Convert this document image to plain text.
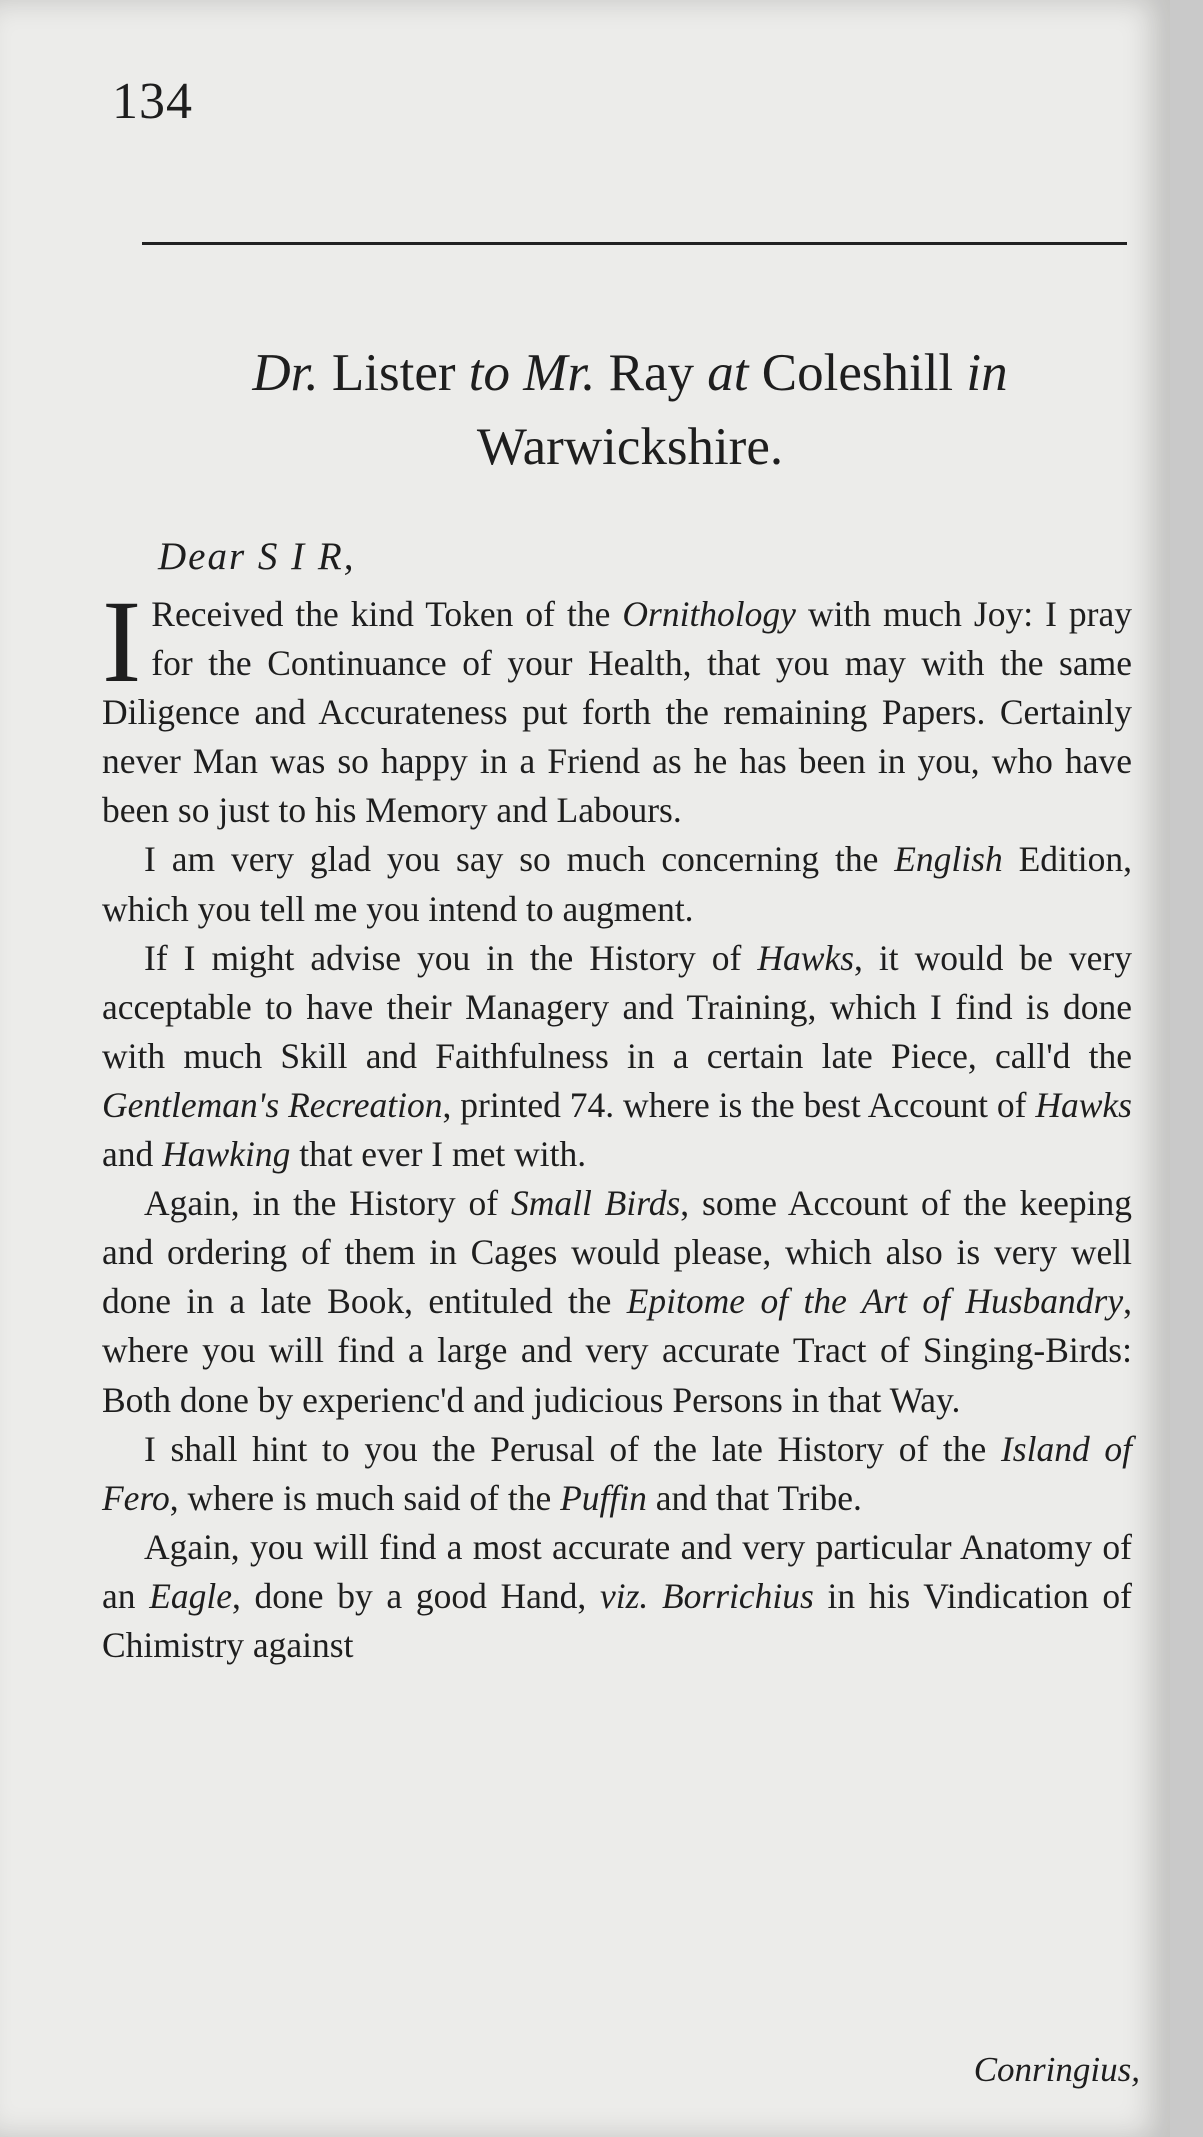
134
Dr. Lister to Mr. Ray at Coleshill in
Warwickshire.
Dear S I R,

I Received the kind Token of the Ornithology with much Joy: I pray for the Continuance of your Health, that you may with the same Diligence and Accurateness put forth the remaining Papers. Certainly never Man was so happy in a Friend as he has been in you, who have been so just to his Memory and Labours.

I am very glad you say so much concerning the English Edition, which you tell me you intend to augment.

If I might advise you in the History of Hawks, it would be very acceptable to have their Managery and Training, which I find is done with much Skill and Faithfulness in a certain late Piece, call'd the Gentleman's Recreation, printed 74. where is the best Account of Hawks and Hawking that ever I met with.

Again, in the History of Small Birds, some Account of the keeping and ordering of them in Cages would please, which also is very well done in a late Book, entituled the Epitome of the Art of Husbandry, where you will find a large and very accurate Tract of Singing-Birds: Both done by experienc'd and judicious Persons in that Way.

I shall hint to you the Perusal of the late History of the Island of Fero, where is much said of the Puffin and that Tribe.

Again, you will find a most accurate and very particular Anatomy of an Eagle, done by a good Hand, viz. Borrichius in his Vindication of Chimistry against

Conringius,
